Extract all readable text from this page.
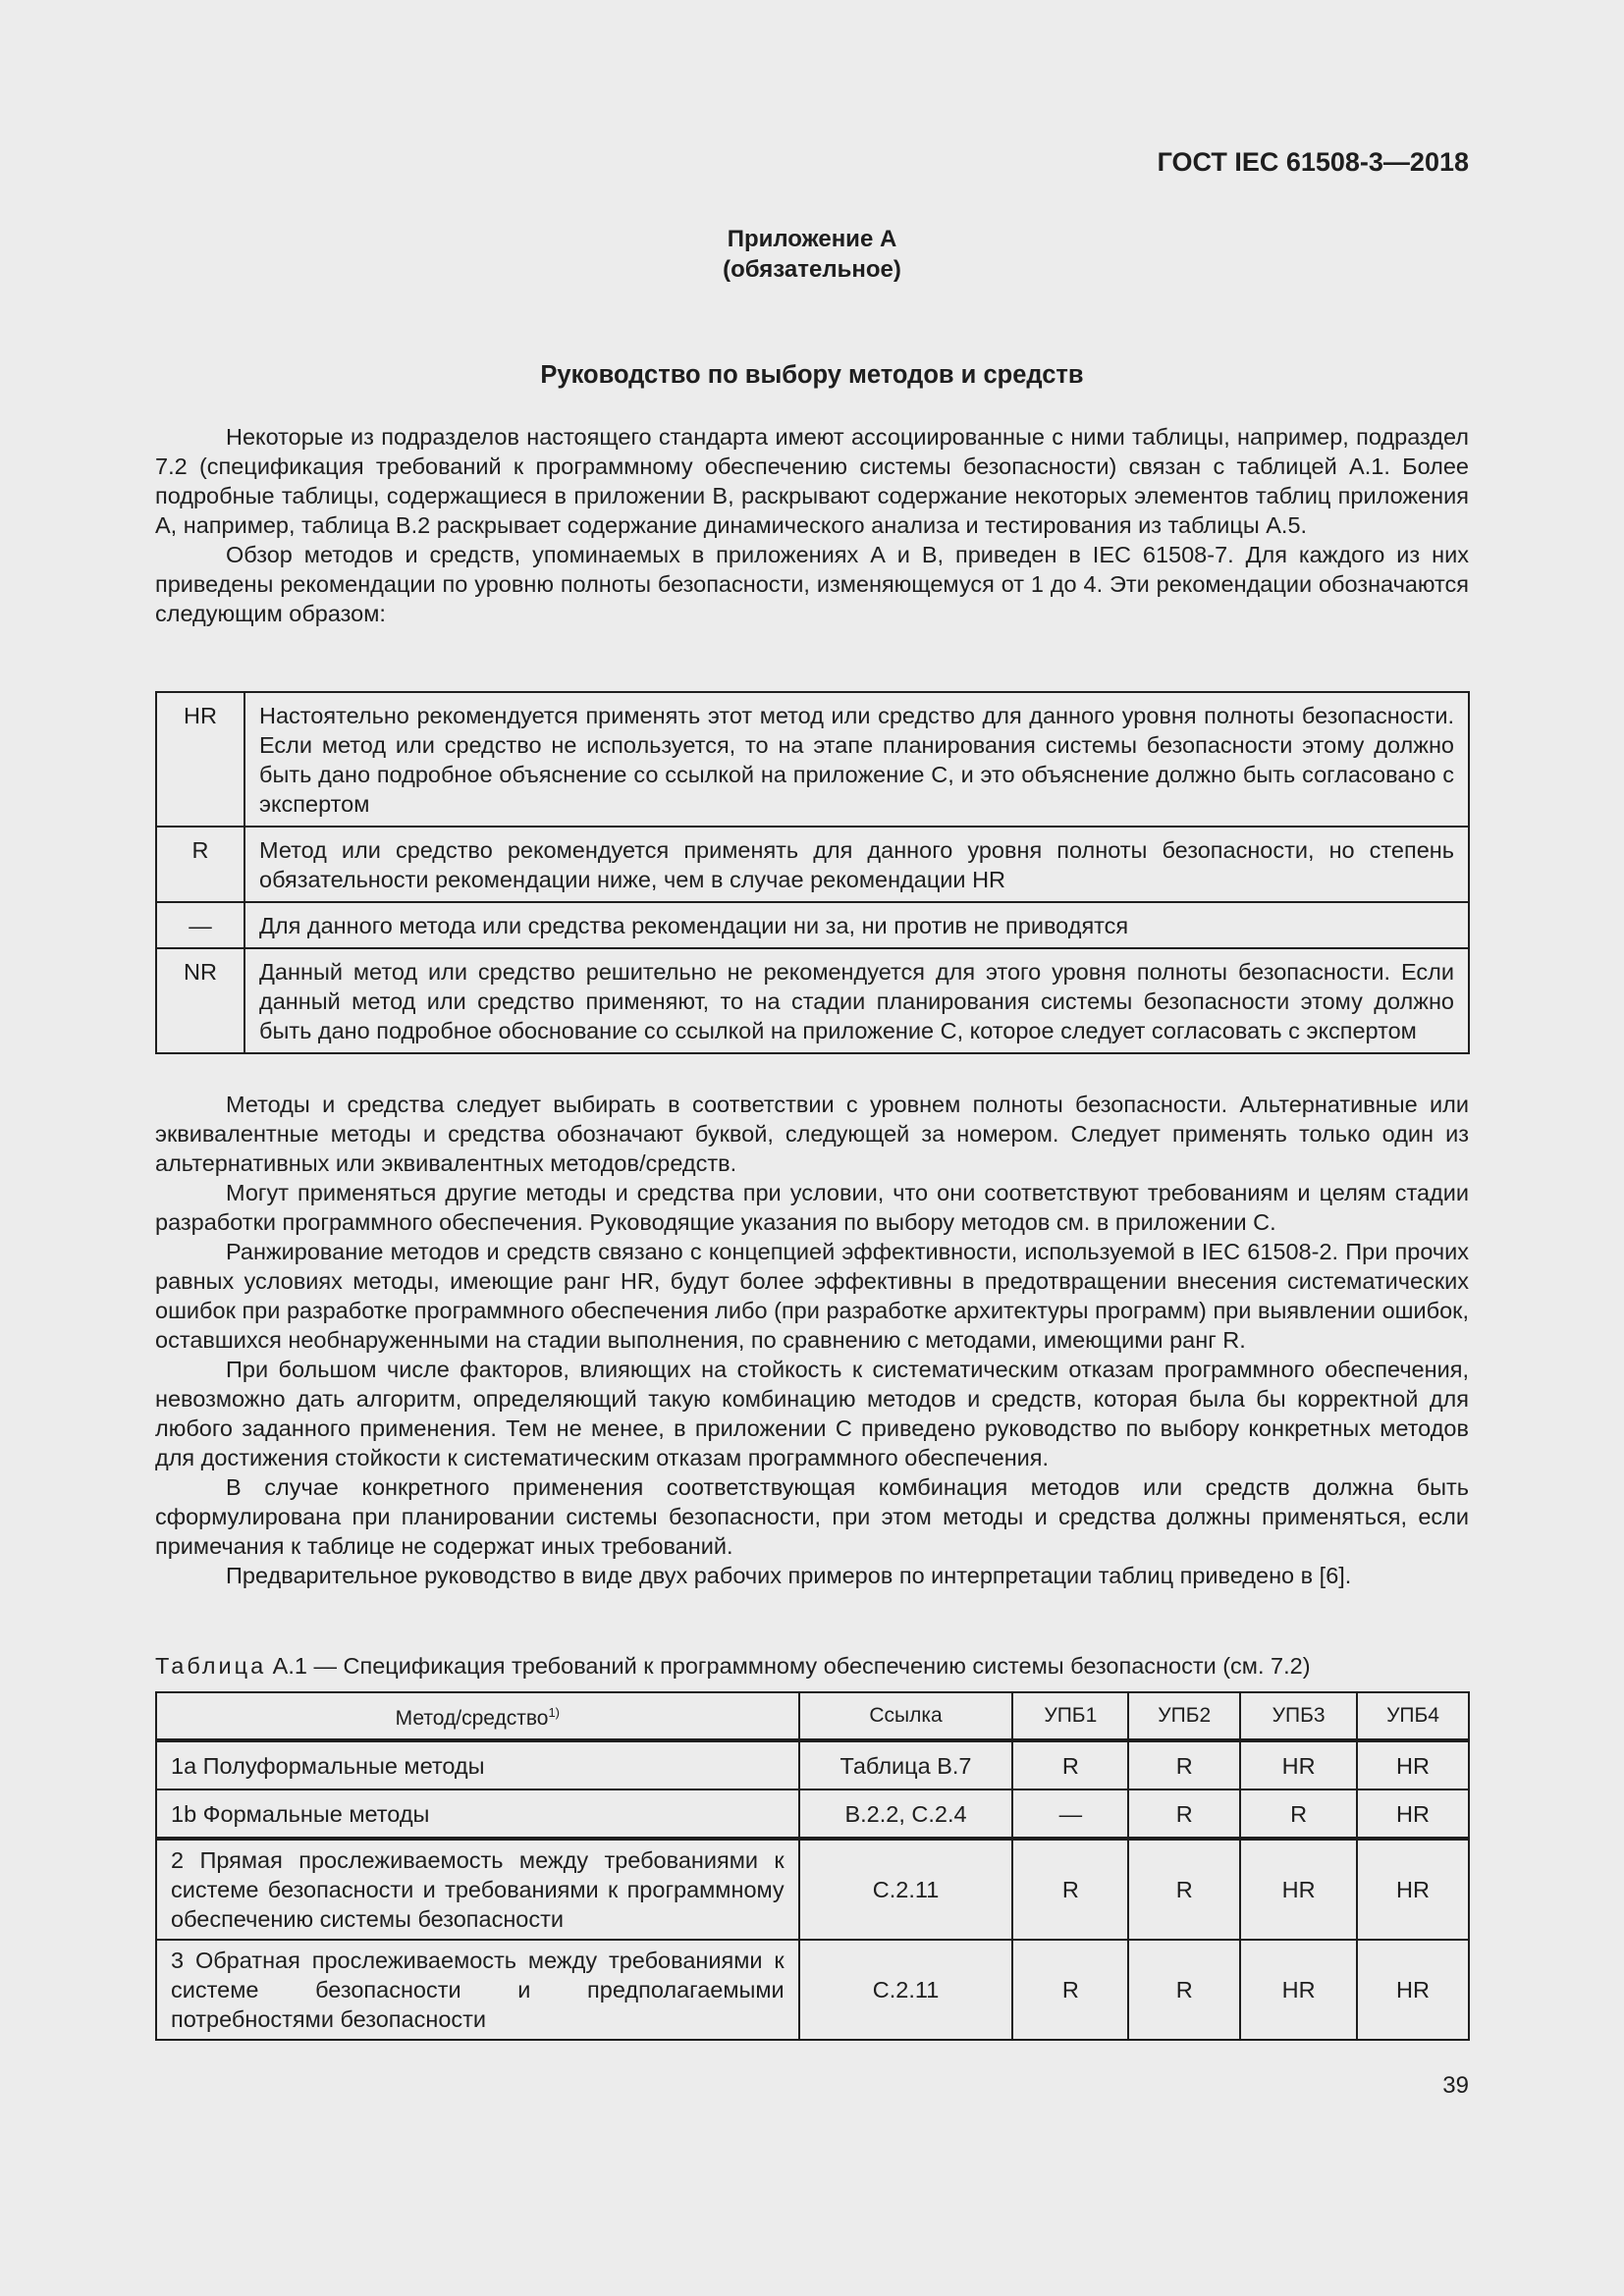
ГОСТ IEC 61508-3—2018
Приложение А
(обязательное)
Руководство по выбору методов и средств

Некоторые из подразделов настоящего стандарта имеют ассоциированные с ними таблицы, например, подраздел 7.2 (спецификация требований к программному обеспечению системы безопасности) связан с таблицей А.1. Более подробные таблицы, содержащиеся в приложении В, раскрывают содержание некоторых элементов таблиц приложения А, например, таблица В.2 раскрывает содержание динамического анализа и тестирования из таблицы А.5.

Обзор методов и средств, упоминаемых в приложениях А и В, приведен в IEC 61508-7. Для каждого из них приведены рекомендации по уровню полноты безопасности, изменяющемуся от 1 до 4. Эти рекомендации обозначаются следующим образом:

HR	Настоятельно рекомендуется применять этот метод или средство для данного уровня полноты безопасности. Если метод или средство не используется, то на этапе планирования системы безопасности этому должно быть дано подробное объяснение со ссылкой на приложение С, и это объяснение должно быть согласовано с экспертом
R	Метод или средство рекомендуется применять для данного уровня полноты безопасности, но степень обязательности рекомендации ниже, чем в случае рекомендации HR
—	Для данного метода или средства рекомендации ни за, ни против не приводятся
NR	Данный метод или средство решительно не рекомендуется для этого уровня полноты безопасности. Если данный метод или средство применяют, то на стадии планирования системы безопасности этому должно быть дано подробное обоснование со ссылкой на приложение С, которое следует согласовать с экспертом

Методы и средства следует выбирать в соответствии с уровнем полноты безопасности. Альтернативные или эквивалентные методы и средства обозначают буквой, следующей за номером. Следует применять только один из альтернативных или эквивалентных методов/средств.

Могут применяться другие методы и средства при условии, что они соответствуют требованиям и целям стадии разработки программного обеспечения. Руководящие указания по выбору методов см. в приложении С.

Ранжирование методов и средств связано с концепцией эффективности, используемой в IEC 61508-2. При прочих равных условиях методы, имеющие ранг HR, будут более эффективны в предотвращении внесения систематических ошибок при разработке программного обеспечения либо (при разработке архитектуры программ) при выявлении ошибок, оставшихся необнаруженными на стадии выполнения, по сравнению с методами, имеющими ранг R.

При большом числе факторов, влияющих на стойкость к систематическим отказам программного обеспечения, невозможно дать алгоритм, определяющий такую комбинацию методов и средств, которая была бы корректной для любого заданного применения. Тем не менее, в приложении С приведено руководство по выбору конкретных методов для достижения стойкости к систематическим отказам программного обеспечения.

В случае конкретного применения соответствующая комбинация методов или средств должна быть сформулирована при планировании системы безопасности, при этом методы и средства должны применяться, если примечания к таблице не содержат иных требований.

Предварительное руководство в виде двух рабочих примеров по интерпретации таблиц приведено в [6].

Таблица А.1 — Спецификация требований к программному обеспечению системы безопасности (см. 7.2)
Метод/средство$^{1)}$	Ссылка	УПБ1	УПБ2	УПБ3	УПБ4
1a Полуформальные методы	Таблица В.7	R	R	HR	HR
1b Формальные методы	В.2.2, С.2.4	—	R	R	HR
2 Прямая прослеживаемость между требованиями к системе безопасности и требованиями к программному обеспечению системы безопасности	С.2.11	R	R	HR	HR
3 Обратная прослеживаемость между требованиями к системе безопасности и предполагаемыми потребностями безопасности	С.2.11	R	R	HR	HR
39
